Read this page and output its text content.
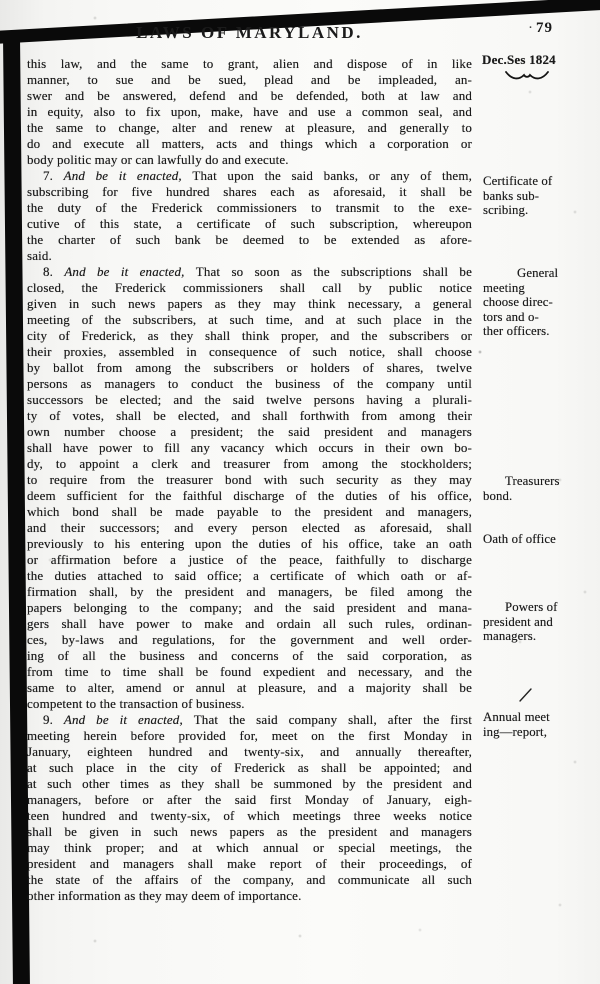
LAWS OF MARYLAND.	· 79
Dec.Ses 1824
this law, and the same to grant, alien and dispose of in like
manner, to sue and be sued, plead and be impleaded, an-
swer and be answered, defend and be defended, both at law and
in equity, also to fix upon, make, have and use a common seal, and
the same to change, alter and renew at pleasure, and generally to
do and execute all matters, acts and things which a corporation or
body politic may or can lawfully do and execute.
7. And be it enacted, That upon the said banks, or any of them,
subscribing for five hundred shares each as aforesaid, it shall be
the duty of the Frederick commissioners to transmit to the exe-
cutive of this state, a certificate of such subscription, whereupon
the charter of such bank be deemed to be extended as afore-
said.
8. And be it enacted, That so soon as the subscriptions shall be
closed, the Frederick commissioners shall call by public notice
given in such news papers as they may think necessary, a general
meeting of the subscribers, at such time, and at such place in the
city of Frederick, as they shall think proper, and the subscribers or
their proxies, assembled in consequence of such notice, shall choose
by ballot from among the subscribers or holders of shares, twelve
persons as managers to conduct the business of the company until
successors be elected; and the said twelve persons having a plurali-
ty of votes, shall be elected, and shall forthwith from among their
own number choose a president; the said president and managers
shall have power to fill any vacancy which occurs in their own bo-
dy, to appoint a clerk and treasurer from among the stockholders;
to require from the treasurer bond with such security as they may
deem sufficient for the faithful discharge of the duties of his office,
which bond shall be made payable to the president and managers,
and their successors; and every person elected as aforesaid, shall
previously to his entering upon the duties of his office, take an oath
or affirmation before a justice of the peace, faithfully to discharge
the duties attached to said office; a certificate of which oath or af-
firmation shall, by the president and managers, be filed among the
papers belonging to the company; and the said president and mana-
gers shall have power to make and ordain all such rules, ordinan-
ces, by-laws and regulations, for the government and well order-
ing of all the business and concerns of the said corporation, as
from time to time shall be found expedient and necessary, and the
same to alter, amend or annul at pleasure, and a majority shall be
competent to the transaction of business.
9. And be it enacted, That the said company shall, after the first
meeting herein before provided for, meet on the first Monday in
January, eighteen hundred and twenty-six, and annually thereafter,
at such place in the city of Frederick as shall be appointed; and
at such other times as they shall be summoned by the president and
managers, before or after the said first Monday of January, eigh-
teen hundred and twenty-six, of which meetings three weeks notice
shall be given in such news papers as the president and managers
may think proper; and at which annual or special meetings, the
president and managers shall make report of their proceedings, of
the state of the affairs of the company, and communicate all such
other information as they may deem of importance.
Certificate of
banks sub-
scribing.
General
meeting
choose direc-
tors and o-
ther officers.
Treasurers
bond.
Oath of office
Powers of
president and
managers.
Annual meet
ing—report,
